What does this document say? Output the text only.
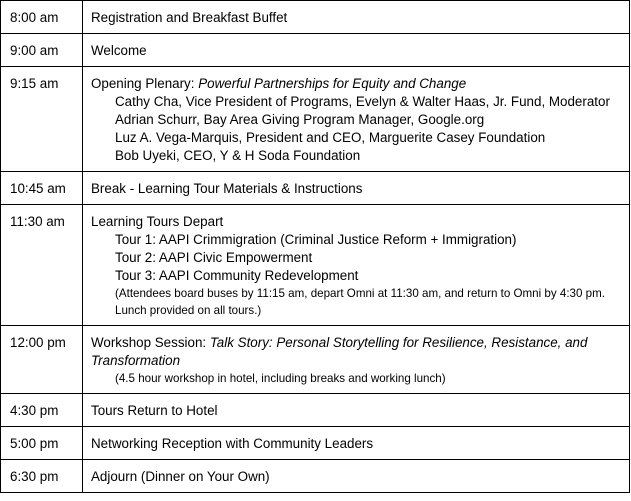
8:00 am	Registration and Breakfast Buffet
9:00 am	Welcome
9:15 am	Opening Plenary: Powerful Partnerships for Equity and Change
Cathy Cha, Vice President of Programs, Evelyn & Walter Haas, Jr. Fund, Moderator
Adrian Schurr, Bay Area Giving Program Manager, Google.org
Luz A. Vega-Marquis, President and CEO, Marguerite Casey Foundation
Bob Uyeki, CEO, Y & H Soda Foundation

10:45 am	Break - Learning Tour Materials & Instructions
11:30 am	Learning Tours Depart
Tour 1: AAPI Crimmigration (Criminal Justice Reform + Immigration)
Tour 2: AAPI Civic Empowerment
Tour 3: AAPI Community Redevelopment
(Attendees board buses by 11:15 am, depart Omni at 11:30 am, and return to Omni by 4:30 pm. Lunch provided on all tours.)

12:00 pm	Workshop Session: Talk Story: Personal Storytelling for Resilience, Resistance, and Transformation
(4.5 hour workshop in hotel, including breaks and working lunch)

4:30 pm	Tours Return to Hotel
5:00 pm	Networking Reception with Community Leaders
6:30 pm	Adjourn (Dinner on Your Own)
